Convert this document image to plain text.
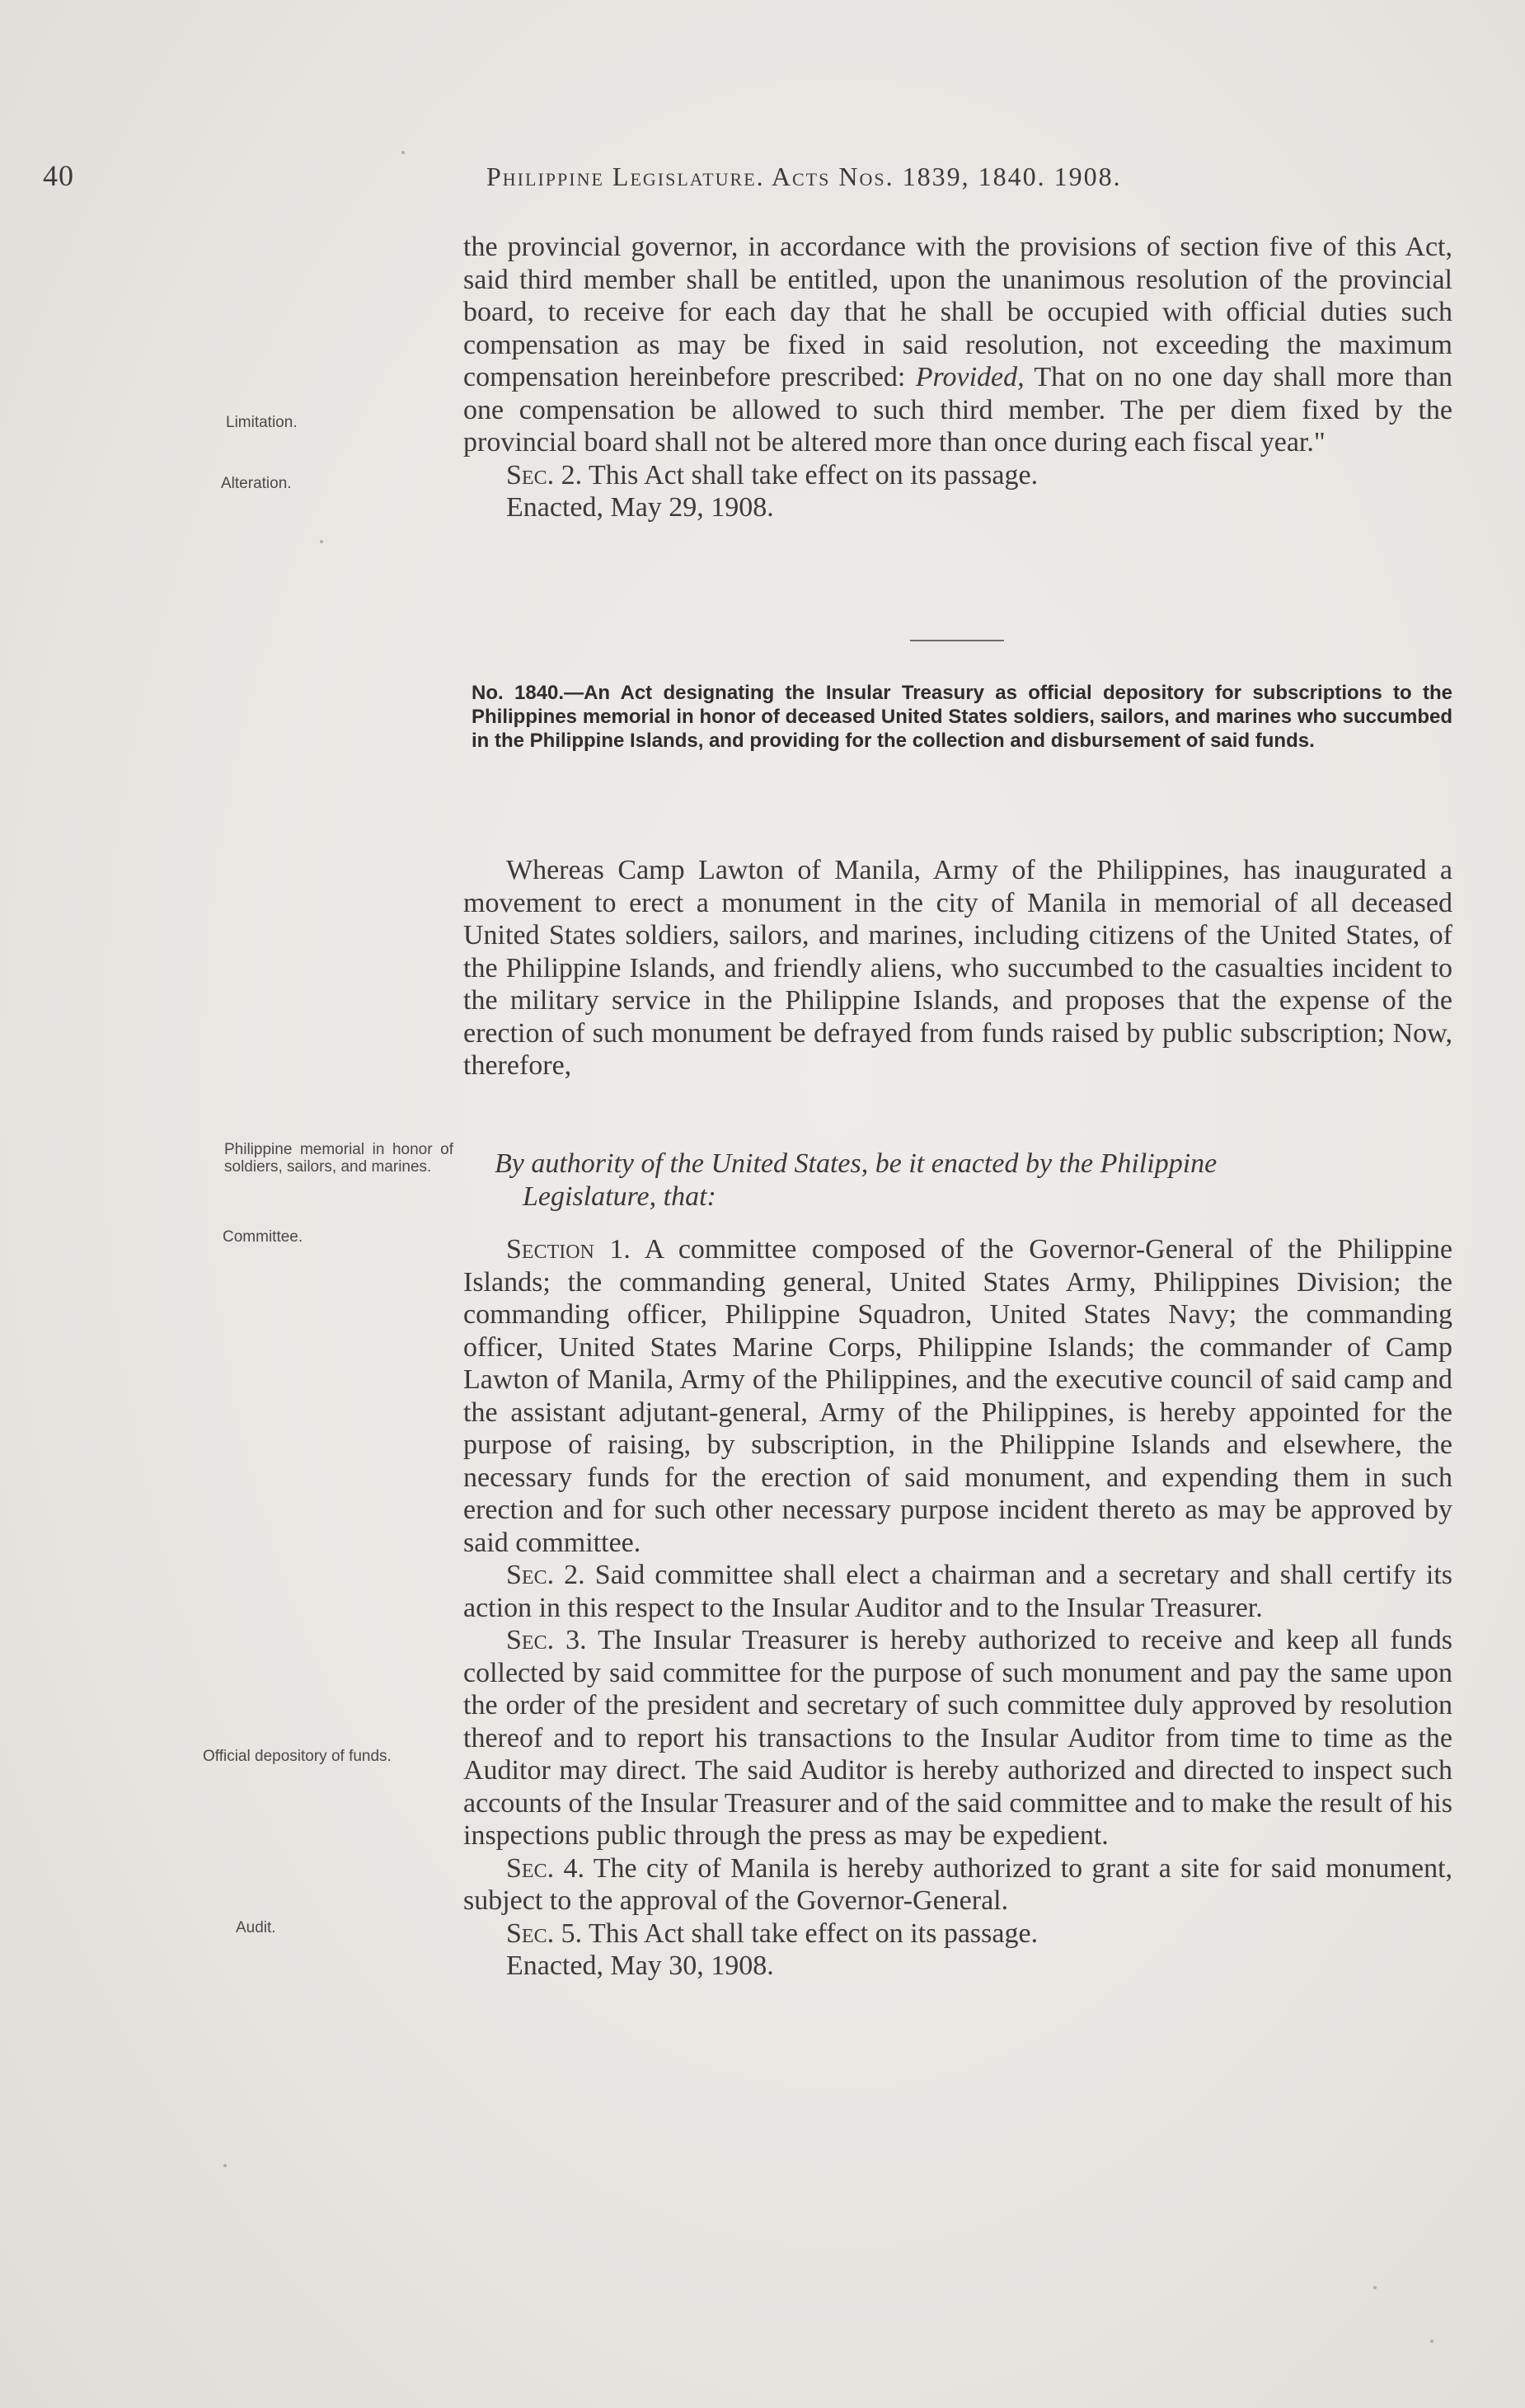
40	Philippine Legislature. Acts Nos. 1839, 1840. 1908.
Limitation.
Alteration.
Philippine memorial in honor of soldiers, sailors, and marines.
Committee.
Official depository of funds.
Audit.

the provincial governor, in accordance with the provisions of section five of this Act, said third member shall be entitled, upon the unanimous resolution of the provincial board, to receive for each day that he shall be occupied with official duties such compensation as may be fixed in said resolution, not exceeding the maximum compensation hereinbefore prescribed: Provided, That on no one day shall more than one compensation be allowed to such third member. The per diem fixed by the provincial board shall not be altered more than once during each fiscal year."

Sec. 2. This Act shall take effect on its passage.

Enacted, May 29, 1908.

No. 1840.—An Act designating the Insular Treasury as official depository for subscriptions to the Philippines memorial in honor of deceased United States soldiers, sailors, and marines who succumbed in the Philippine Islands, and providing for the collection and disbursement of said funds.

Whereas Camp Lawton of Manila, Army of the Philippines, has inaugurated a movement to erect a monument in the city of Manila in memorial of all deceased United States soldiers, sailors, and marines, including citizens of the United States, of the Philippine Islands, and friendly aliens, who succumbed to the casualties incident to the military service in the Philippine Islands, and proposes that the expense of the erection of such monument be defrayed from funds raised by public subscription; Now, therefore,

By authority of the United States, be it enacted by the Philippine
Legislature, that:

Section 1. A committee composed of the Governor-General of the Philippine Islands; the commanding general, United States Army, Philippines Division; the commanding officer, Philippine Squadron, United States Navy; the commanding officer, United States Marine Corps, Philippine Islands; the commander of Camp Lawton of Manila, Army of the Philippines, and the executive council of said camp and the assistant adjutant-general, Army of the Philippines, is hereby appointed for the purpose of raising, by subscription, in the Philippine Islands and elsewhere, the necessary funds for the erection of said monument, and expending them in such erection and for such other necessary purpose incident thereto as may be approved by said committee.

Sec. 2. Said committee shall elect a chairman and a secretary and shall certify its action in this respect to the Insular Auditor and to the Insular Treasurer.

Sec. 3. The Insular Treasurer is hereby authorized to receive and keep all funds collected by said committee for the purpose of such monument and pay the same upon the order of the president and secretary of such committee duly approved by resolution thereof and to report his transactions to the Insular Auditor from time to time as the Auditor may direct. The said Auditor is hereby authorized and directed to inspect such accounts of the Insular Treasurer and of the said committee and to make the result of his inspections public through the press as may be expedient.

Sec. 4. The city of Manila is hereby authorized to grant a site for said monument, subject to the approval of the Governor-General.

Sec. 5. This Act shall take effect on its passage.

Enacted, May 30, 1908.
